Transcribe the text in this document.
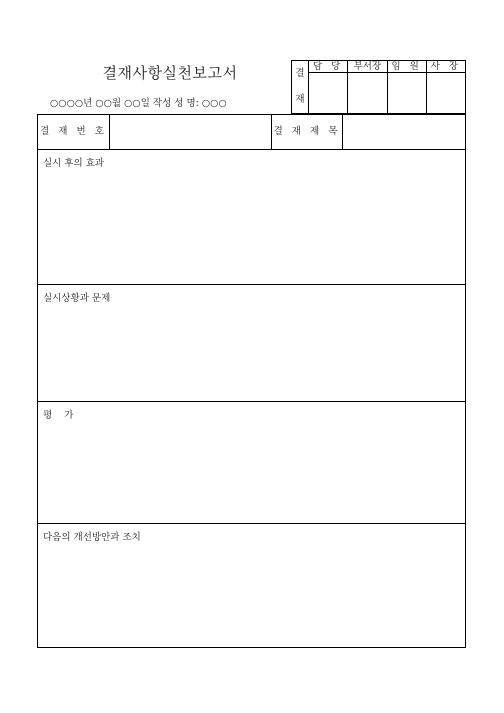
결재사항실천보고서
○○○○년 ○○월 ○○일 작성 성 명: ○○○
결
재	담 당	부서장	임 원	사 장

결 재 번 호	결 재 제 목
실시 후의 효과
실시상황과 문제
평    가
다음의 개선방안과 조치
